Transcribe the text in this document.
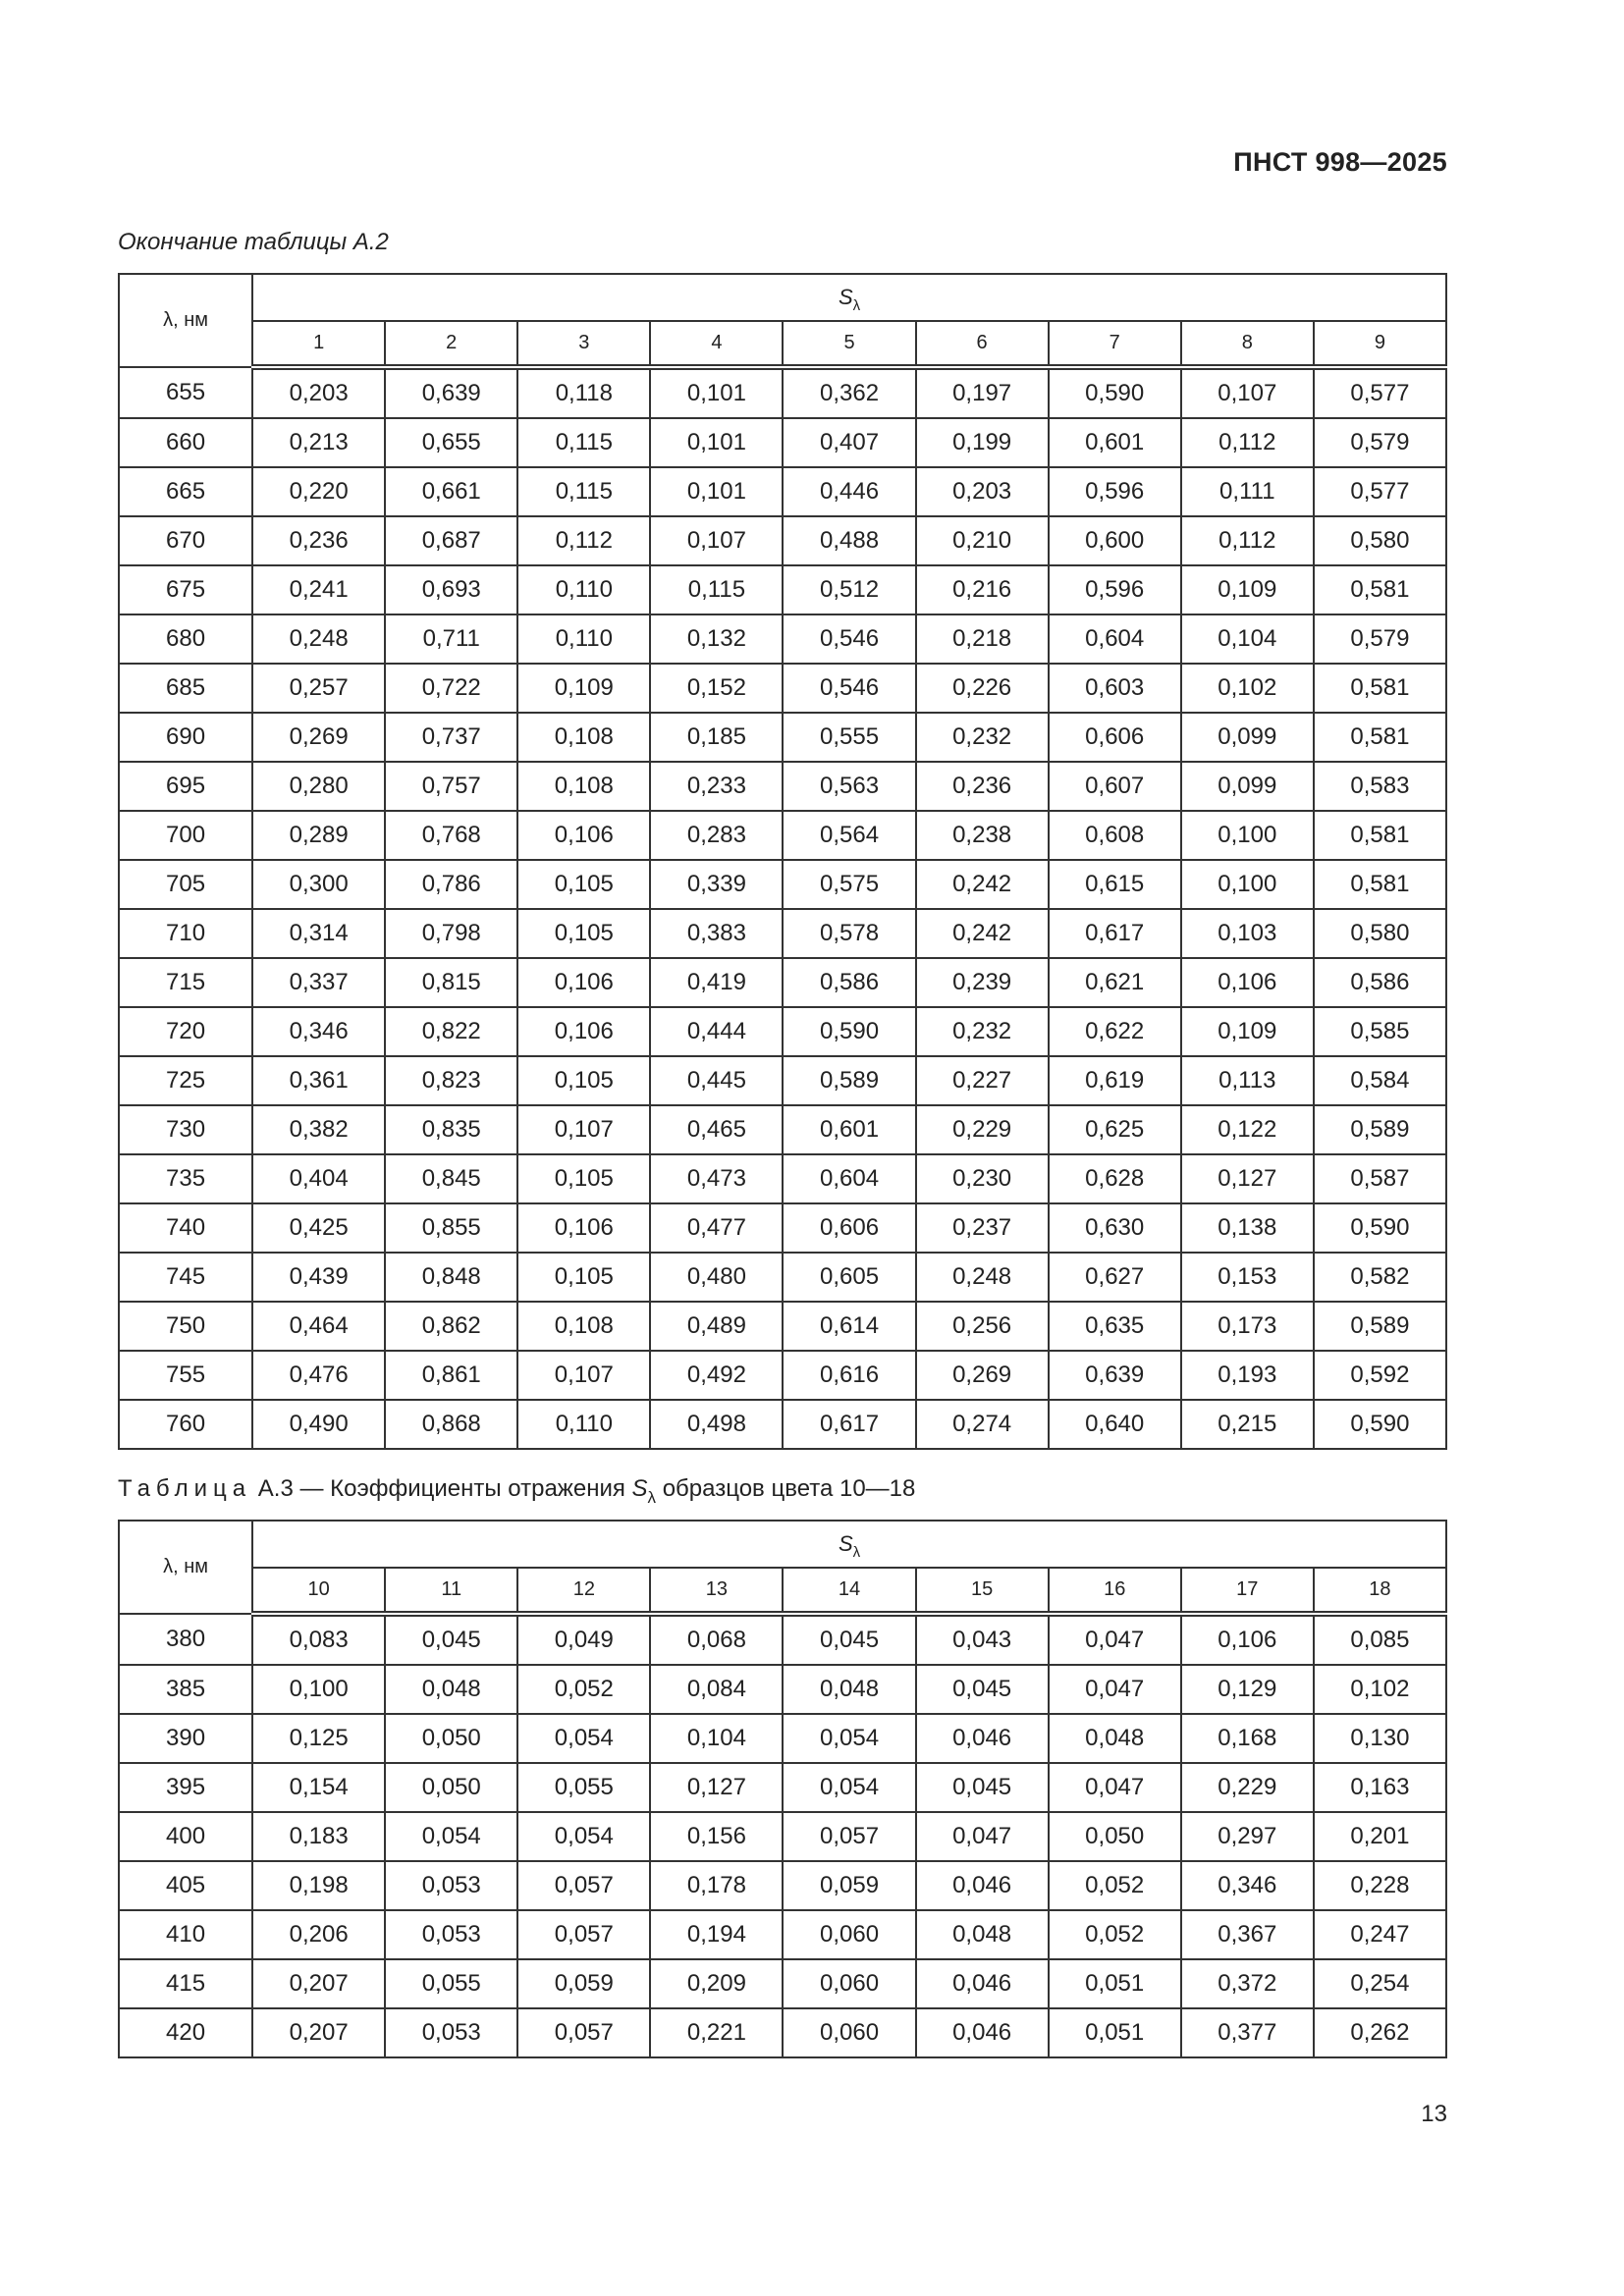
ПНСТ 998—2025
Окончание таблицы А.2
λ, нм	$S_\lambda$
	1	2	3	4	5	6	7	8	9
655	0,203	0,639	0,118	0,101	0,362	0,197	0,590	0,107	0,577
660	0,213	0,655	0,115	0,101	0,407	0,199	0,601	0,112	0,579
665	0,220	0,661	0,115	0,101	0,446	0,203	0,596	0,111	0,577
670	0,236	0,687	0,112	0,107	0,488	0,210	0,600	0,112	0,580
675	0,241	0,693	0,110	0,115	0,512	0,216	0,596	0,109	0,581
680	0,248	0,711	0,110	0,132	0,546	0,218	0,604	0,104	0,579
685	0,257	0,722	0,109	0,152	0,546	0,226	0,603	0,102	0,581
690	0,269	0,737	0,108	0,185	0,555	0,232	0,606	0,099	0,581
695	0,280	0,757	0,108	0,233	0,563	0,236	0,607	0,099	0,583
700	0,289	0,768	0,106	0,283	0,564	0,238	0,608	0,100	0,581
705	0,300	0,786	0,105	0,339	0,575	0,242	0,615	0,100	0,581
710	0,314	0,798	0,105	0,383	0,578	0,242	0,617	0,103	0,580
715	0,337	0,815	0,106	0,419	0,586	0,239	0,621	0,106	0,586
720	0,346	0,822	0,106	0,444	0,590	0,232	0,622	0,109	0,585
725	0,361	0,823	0,105	0,445	0,589	0,227	0,619	0,113	0,584
730	0,382	0,835	0,107	0,465	0,601	0,229	0,625	0,122	0,589
735	0,404	0,845	0,105	0,473	0,604	0,230	0,628	0,127	0,587
740	0,425	0,855	0,106	0,477	0,606	0,237	0,630	0,138	0,590
745	0,439	0,848	0,105	0,480	0,605	0,248	0,627	0,153	0,582
750	0,464	0,862	0,108	0,489	0,614	0,256	0,635	0,173	0,589
755	0,476	0,861	0,107	0,492	0,616	0,269	0,639	0,193	0,592
760	0,490	0,868	0,110	0,498	0,617	0,274	0,640	0,215	0,590
Таблица А.3 — Коэффициенты отражения $S_\lambda$ образцов цвета 10—18
λ, нм	$S_\lambda$
	10	11	12	13	14	15	16	17	18
380	0,083	0,045	0,049	0,068	0,045	0,043	0,047	0,106	0,085
385	0,100	0,048	0,052	0,084	0,048	0,045	0,047	0,129	0,102
390	0,125	0,050	0,054	0,104	0,054	0,046	0,048	0,168	0,130
395	0,154	0,050	0,055	0,127	0,054	0,045	0,047	0,229	0,163
400	0,183	0,054	0,054	0,156	0,057	0,047	0,050	0,297	0,201
405	0,198	0,053	0,057	0,178	0,059	0,046	0,052	0,346	0,228
410	0,206	0,053	0,057	0,194	0,060	0,048	0,052	0,367	0,247
415	0,207	0,055	0,059	0,209	0,060	0,046	0,051	0,372	0,254
420	0,207	0,053	0,057	0,221	0,060	0,046	0,051	0,377	0,262
13
